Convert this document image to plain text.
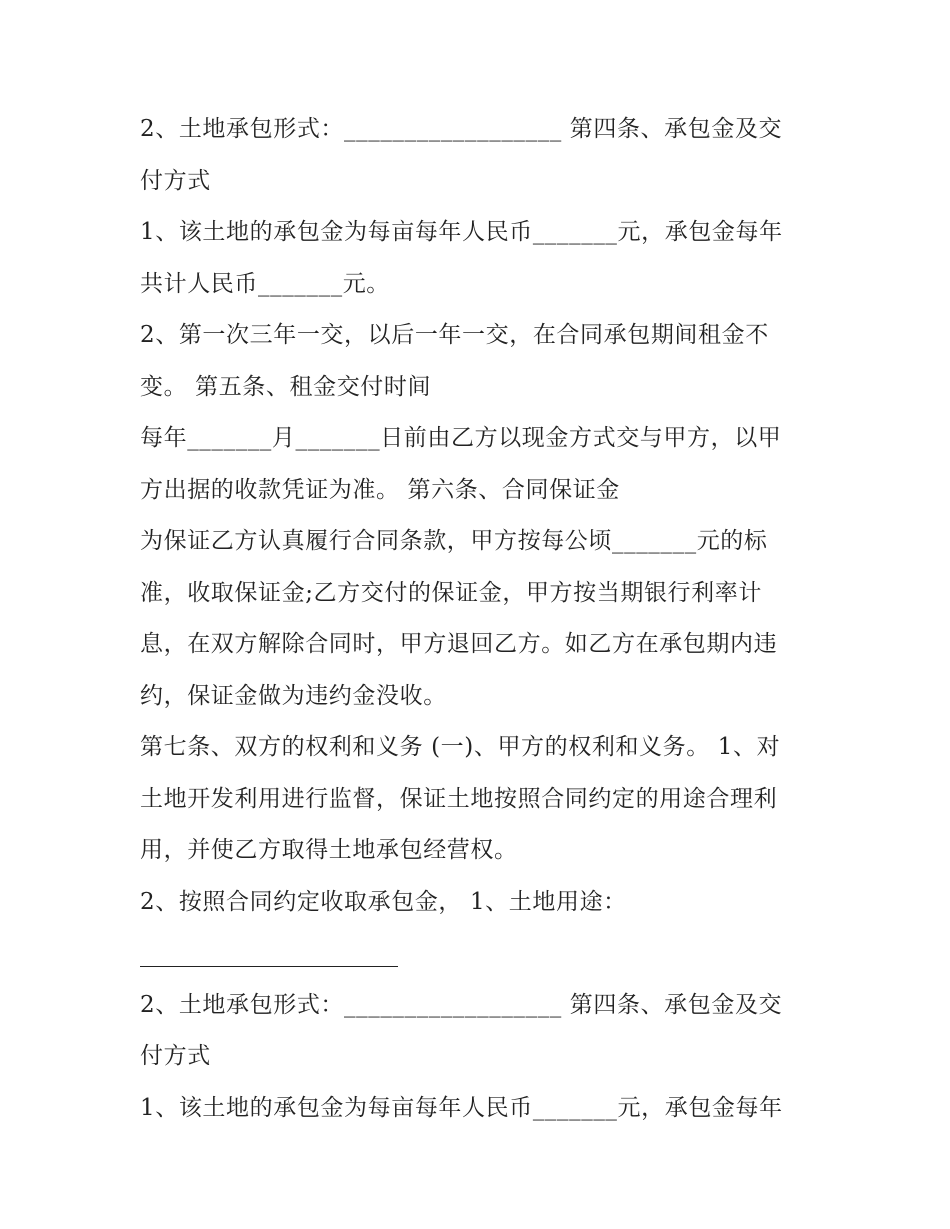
2、土地承包形式：__________________ 第四条、承包金及交
付方式
1、该土地的承包金为每亩每年人民币_______元，承包金每年
共计人民币_______元。
2、第一次三年一交，以后一年一交，在合同承包期间租金不
变。 第五条、租金交付时间
每年_______月_______日前由乙方以现金方式交与甲方，以甲
方出据的收款凭证为准。 第六条、合同保证金
为保证乙方认真履行合同条款，甲方按每公顷_______元的标
准，收取保证金;乙方交付的保证金，甲方按当期银行利率计
息，在双方解除合同时，甲方退回乙方。如乙方在承包期内违
约，保证金做为违约金没收。
第七条、双方的权利和义务 (一)、甲方的权利和义务。 1、对
土地开发利用进行监督，保证土地按照合同约定的用途合理利
用，并使乙方取得土地承包经营权。
2、按照合同约定收取承包金， 1、土地用途：
2、土地承包形式：__________________ 第四条、承包金及交
付方式
1、该土地的承包金为每亩每年人民币_______元，承包金每年
